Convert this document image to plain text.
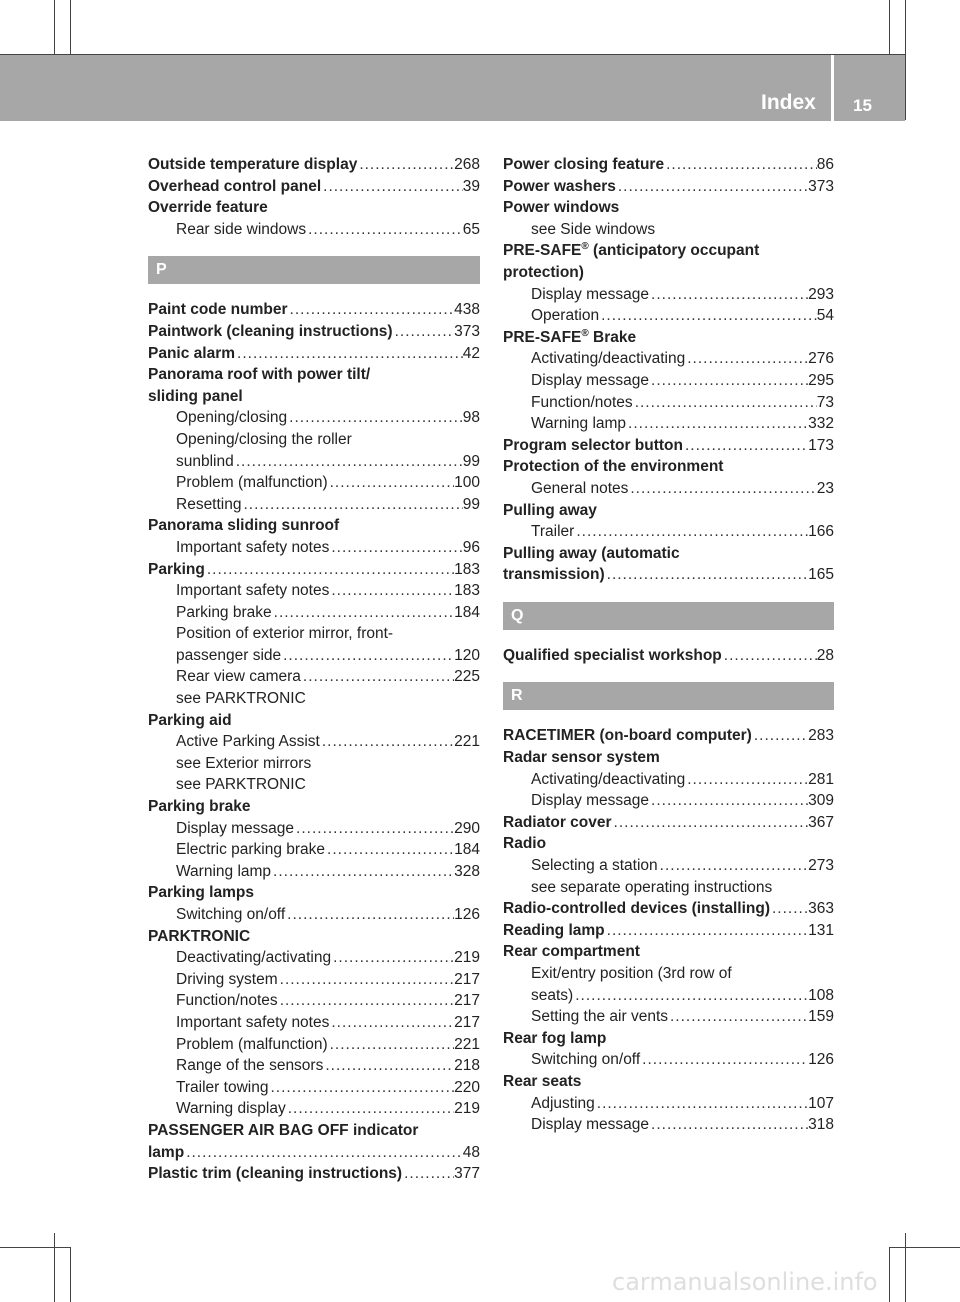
Index 15
Outside temperature display .....	268
Overhead control panel .....	39
Override feature
Rear side windows .....	65
P
Paint code number .....	438
Paintwork (cleaning instructions) .....	373
Panic alarm .....	42
Panorama roof with power tilt/
sliding panel
Opening/closing .....	98
Opening/closing the roller
sunblind .....	99
Problem (malfunction) .....	100
Resetting .....	99
Panorama sliding sunroof
Important safety notes .....	96
Parking .....	183
Important safety notes .....	183
Parking brake .....	184
Position of exterior mirror, front-
passenger side .....	120
Rear view camera .....	225
see PARKTRONIC
Parking aid
Active Parking Assist .....	221
see Exterior mirrors
see PARKTRONIC
Parking brake
Display message .....	290
Electric parking brake .....	184
Warning lamp .....	328
Parking lamps
Switching on/off .....	126
PARKTRONIC
Deactivating/activating .....	219
Driving system .....	217
Function/notes .....	217
Important safety notes .....	217
Problem (malfunction) .....	221
Range of the sensors .....	218
Trailer towing .....	220
Warning display .....	219
PASSENGER AIR BAG OFF indicator
lamp .....	48
Plastic trim (cleaning instructions) .....	377
Power closing feature .....	86
Power washers .....	373
Power windows
see Side windows
PRE-SAFE® (anticipatory occupant
protection)
Display message .....	293
Operation .....	54
PRE-SAFE® Brake
Activating/deactivating .....	276
Display message .....	295
Function/notes .....	73
Warning lamp .....	332
Program selector button .....	173
Protection of the environment
General notes .....	23
Pulling away
Trailer .....	166
Pulling away (automatic
transmission) .....	165
Q
Qualified specialist workshop .....	28
R
RACETIMER (on-board computer) .....	283
Radar sensor system
Activating/deactivating .....	281
Display message .....	309
Radiator cover .....	367
Radio
Selecting a station .....	273
see separate operating instructions
Radio-controlled devices (installing) ..... 363
Reading lamp .....	131
Rear compartment
Exit/entry position (3rd row of
seats) .....	108
Setting the air vents .....	159
Rear fog lamp
Switching on/off .....	126
Rear seats
Adjusting .....	107
Display message .....	318
carmanualsonline.info
